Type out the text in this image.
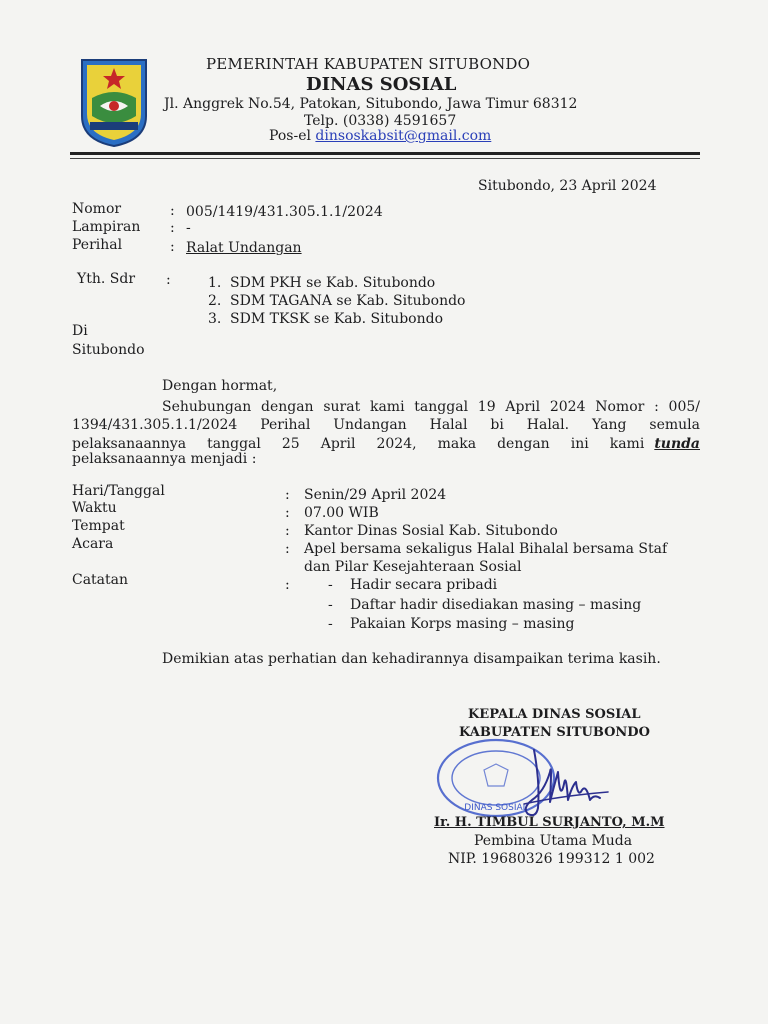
PEMERINTAH KABUPATEN SITUBONDO
DINAS SOSIAL
Jl. Anggrek No.54, Patokan, Situbondo, Jawa Timur 68312
Telp. (0338) 4591657
Pos-el dinsoskabsit@gmail.com
Situbondo, 23 April 2024
Nomor	: 005/1419/431.305.1.1/2024
Lampiran : -
Perihal	: Ralat Undangan
Yth. Sdr :	1. SDM PKH se Kab. Situbondo
2. SDM TAGANA se Kab. Situbondo
3. SDM TKSK se Kab. Situbondo
Di
Situbondo
Dengan hormat,
Sehubungan dengan surat kami tanggal 19 April 2024 Nomor : 005/
1394/431.305.1.1/2024 Perihal Undangan Halal bi Halal. Yang semula
pelaksanaannya tanggal 25 April 2024, maka dengan ini kami tunda
pelaksanaannya menjadi :
Hari/Tanggal	: Senin/29 April 2024
Waktu	: 07.00 WIB
Tempat	: Kantor Dinas Sosial Kab. Situbondo
Acara	: Apel bersama sekaligus Halal Bihalal bersama Staf
dan Pilar Kesejahteraan Sosial
Catatan	:	- Hadir secara pribadi
- Daftar hadir disediakan masing – masing
- Pakaian Korps masing – masing
Demikian atas perhatian dan kehadirannya disampaikan terima kasih.
KEPALA DINAS SOSIAL
KABUPATEN SITUBONDO
DINAS SOSIAL
Ir. H. TIMBUL SURJANTO, M.M
Pembina Utama Muda
NIP. 19680326 199312 1 002
